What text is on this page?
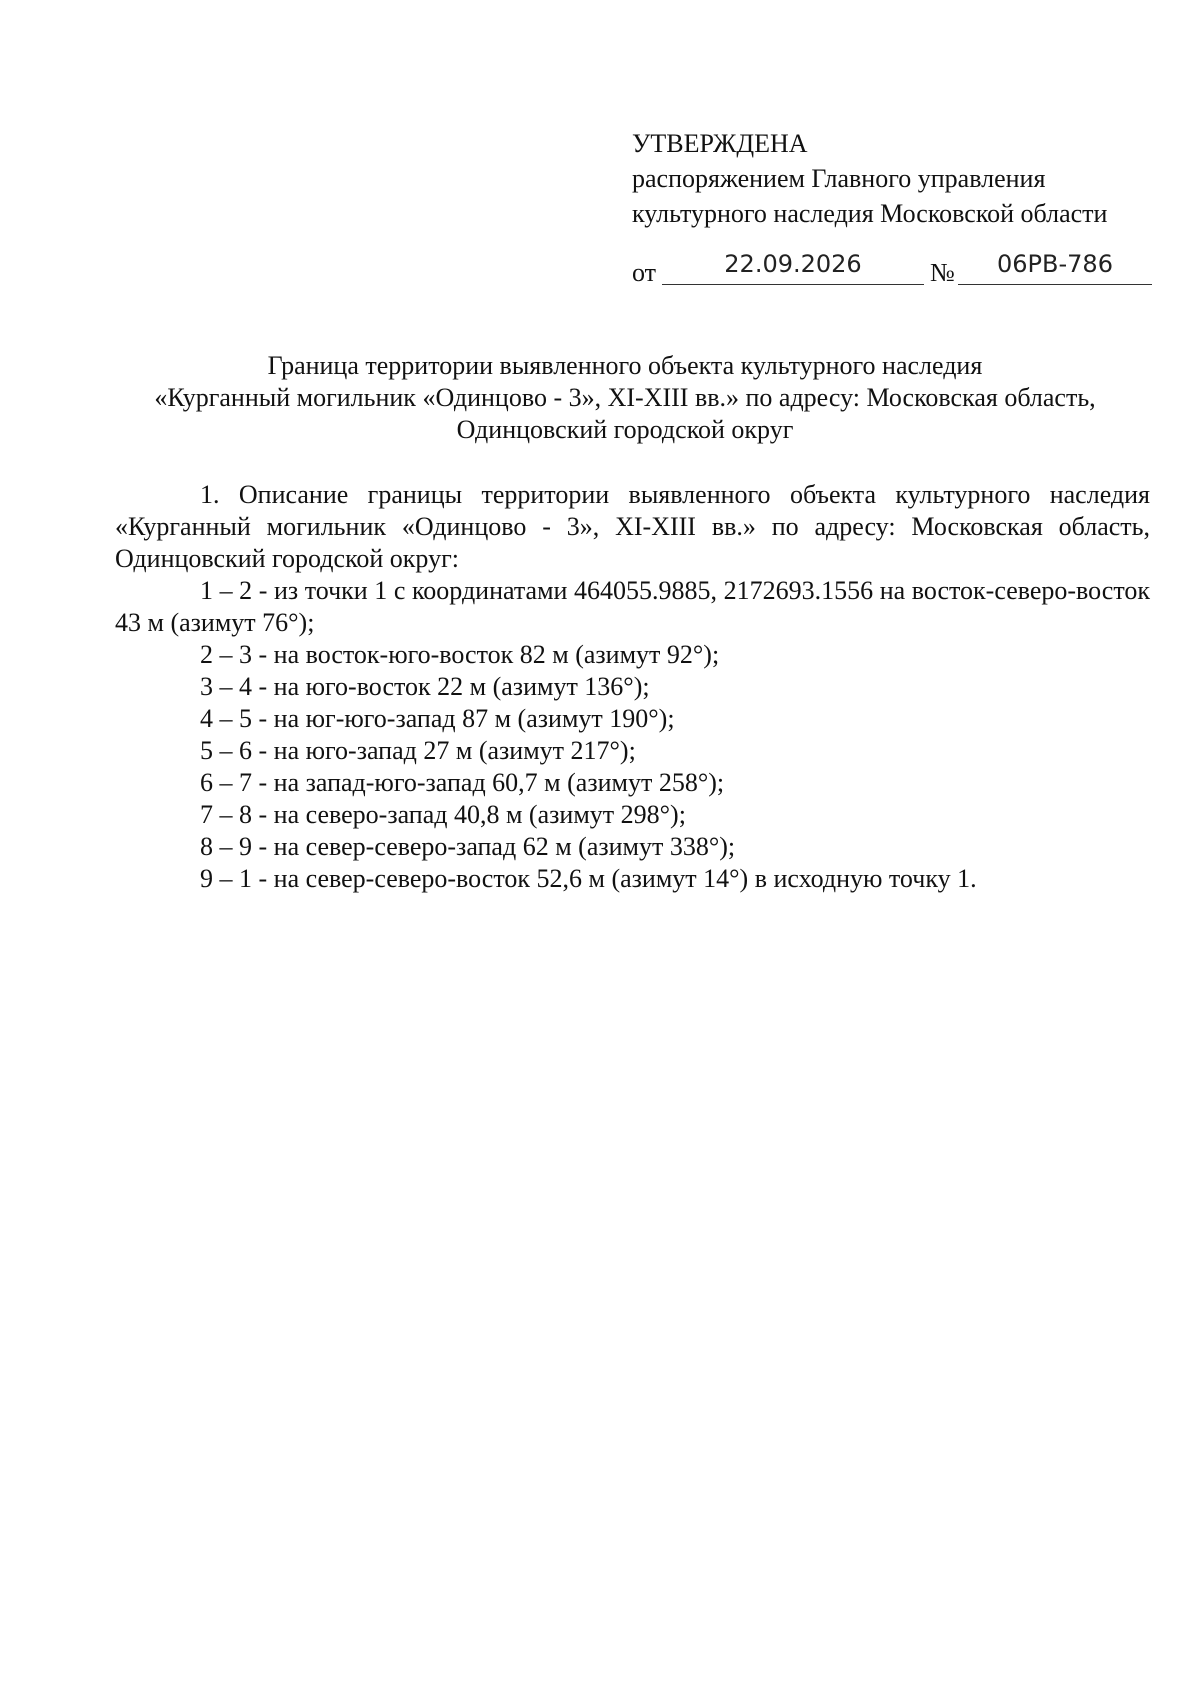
УТВЕРЖДЕНА
распоряжением Главного управления
культурного наследия Московской области
от	22.09.2026	№	06РВ-786
Граница территории выявленного объекта культурного наследия
«Курганный могильник «Одинцово - 3», XI-XIII вв.» по адресу: Московская область,
Одинцовский городской округ

1. Описание границы территории выявленного объекта культурного наследия «Курганный могильник «Одинцово - 3», XI-XIII вв.» по адресу: Московская область, Одинцовский городской округ:

1 – 2 - из точки 1 с координатами 464055.9885, 2172693.1556 на восток-северо-восток 43 м (азимут 76°);

2 – 3 - на восток-юго-восток 82 м (азимут 92°);

3 – 4 - на юго-восток 22 м (азимут 136°);

4 – 5 - на юг-юго-запад 87 м (азимут 190°);

5 – 6 - на юго-запад 27 м (азимут 217°);

6 – 7 - на запад-юго-запад 60,7 м (азимут 258°);

7 – 8 - на северо-запад 40,8 м (азимут 298°);

8 – 9 - на север-северо-запад 62 м (азимут 338°);

9 – 1 - на север-северо-восток 52,6 м (азимут 14°) в исходную точку 1.
